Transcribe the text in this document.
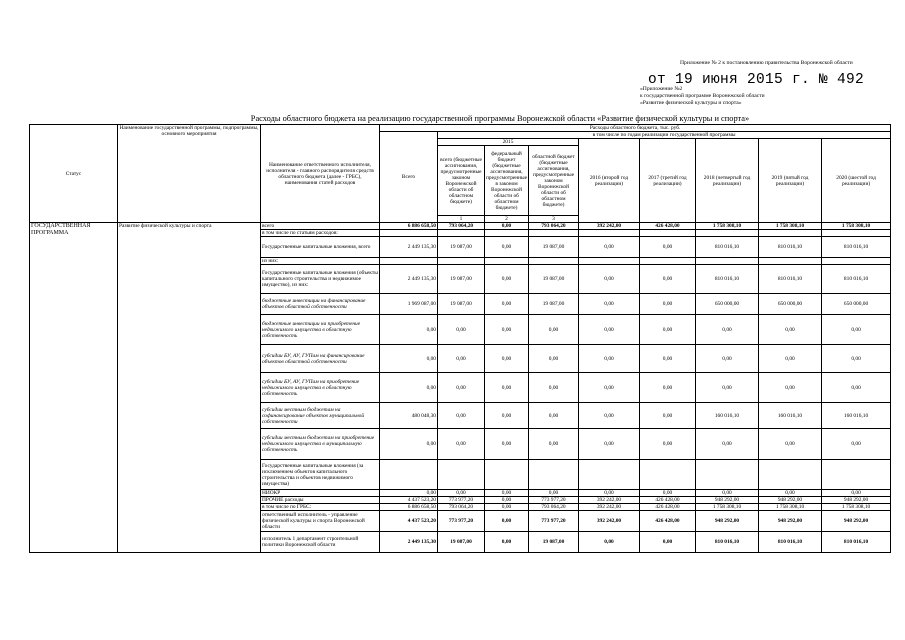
Приложение № 2 к постановлению правительства Воронежской области
от 19 июня 2015 г. № 492
«Приложение №2
к государственной программе Воронежской области
«Развитие физической культуры и спорта»
Расходы областного бюджета на реализацию государственной программы Воронежской области «Развитие физической культуры и спорта»
Статус	Наименование государственной программы, подпрограммы, основного мероприятия	Наименование ответственного исполнителя, исполнителя - главного распорядителя средств областного бюджета (далее - ГРБС), наименования статей расходов	Расходы областного бюджета, тыс. руб.									
			Всего	в том числе по годам реализации государственной программы								
				2015			2016 (второй год реализации)	2017 (третий год реализации)	2018 (четвертый год реализации)	2019 (пятый год реализации)	2020 (шестой год реализации)	
				всего (бюджетные ассигнования, предусмотренные законом Воронежской области об областном бюджете)	федеральный бюджет (бюджетные ассигнования, предусмотренные в законом Воронежской области об областном бюджете)	областной бюджет (бюджетные ассигнования, предусмотренные законом Воронежской области об областном бюджете)						
				1	2	3									
ГОСУДАРСТВЕННАЯ ПРОГРАММА	Развитие физической культуры и спорта	всего	6 886 658,50	793 064,20	0,00	793 064,20	392 242,00	426 428,00	1 758 308,10	1 758 308,10	1 758 308,10	
		в том числе по статьям расходов:										
		Государственные капитальные вложения, всего	2 449 135,30	19 087,00	0,00	19 087,00	0,00	0,00	810 016,10	810 016,10	810 016,10	
		из них:										
		Государственные капитальные вложения (объекты капитального строительства и недвижимое имущество), из них:	2 449 135,30	19 087,00	0,00	19 087,00	0,00	0,00	810 016,10	810 016,10	810 016,10	
		бюджетные инвестиции на финансирование объектов областной собственности	1 969 087,00	19 087,00	0,00	19 087,00	0,00	0,00	650 000,00	650 000,00	650 000,00	
		бюджетные инвестиции на приобретение недвижимого имущества в областную собственность	0,00	0,00	0,00	0,00	0,00	0,00	0,00	0,00	0,00	
		субсидии БУ, АУ, ГУПам на финансирование объектов областной собственности	0,00	0,00	0,00	0,00	0,00	0,00	0,00	0,00	0,00	
		субсидии БУ, АУ, ГУПам на приобретение недвижимого имущества в областную собственность	0,00	0,00	0,00	0,00	0,00	0,00	0,00	0,00	0,00	
		субсидии местным бюджетам на софинансирование объектов муниципальной собственности	480 048,30	0,00	0,00	0,00	0,00	0,00	160 016,10	160 016,10	160 016,10	
		субсидии местным бюджетам на приобретение недвижимого имущества в муниципальную собственность	0,00	0,00	0,00	0,00	0,00	0,00	0,00	0,00	0,00	
		Государственные капитальные вложения (за исключением объектов капитального строительства и объектов недвижимого имущества)										
		НИОКР	0,00	0,00	0,00	0,00	0,00	0,00	0,00	0,00	0,00	
		ПРОЧИЕ расходы	4 437 523,20	773 977,20	0,00	773 977,20	392 242,00	426 428,00	948 292,00	948 292,00	948 292,00	
		в том числе по ГРБС:	6 886 658,50	793 064,20	0,00	793 064,20	392 242,00	426 428,00	1 758 308,10	1 758 308,10	1 758 308,10	
		ответственный исполнитель - управление физической культуры и спорта Воронежской области	4 437 523,20	773 977,20	0,00	773 977,20	392 242,00	426 428,00	948 292,00	948 292,00	948 292,00	
		исполнитель 1 департамент строительной политики Воронежской области	2 449 135,30	19 087,00	0,00	19 087,00	0,00	0,00	810 016,10	810 016,10	810 016,10	
